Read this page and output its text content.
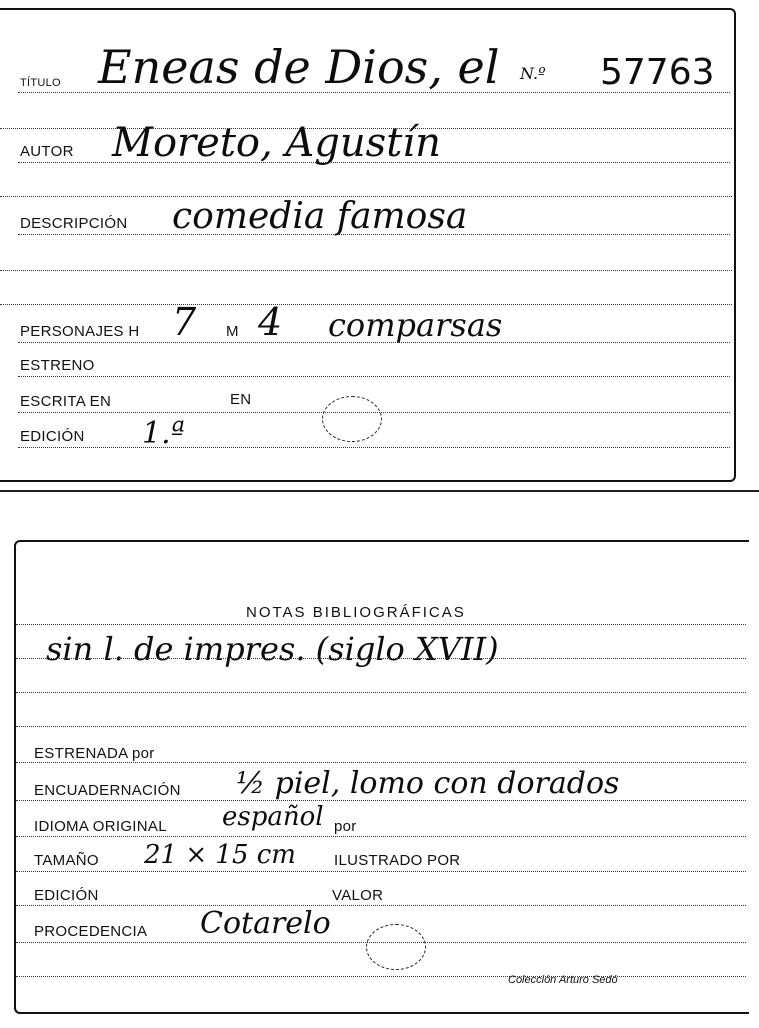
TÍTULO Eneas de Dios, el N.º 57763
AUTOR Moreto, Agustín
DESCRIPCIÓN comedia famosa
PERSONAJES H 7 M 4 comparsas
ESTRENO
ESCRITA EN	EN
EDICIÓN 1.ª
NOTAS BIBLIOGRÁFICAS
sin l. de impres. (siglo XVII)
ESTRENADA por
ENCUADERNACIÓN ½ piel, lomo con dorados
IDIOMA ORIGINAL español por
TAMAÑO 21 × 15 cm	ILUSTRADO POR
EDICIÓN	VALOR
PROCEDENCIA Cotarelo
Colección Arturo Sedó
